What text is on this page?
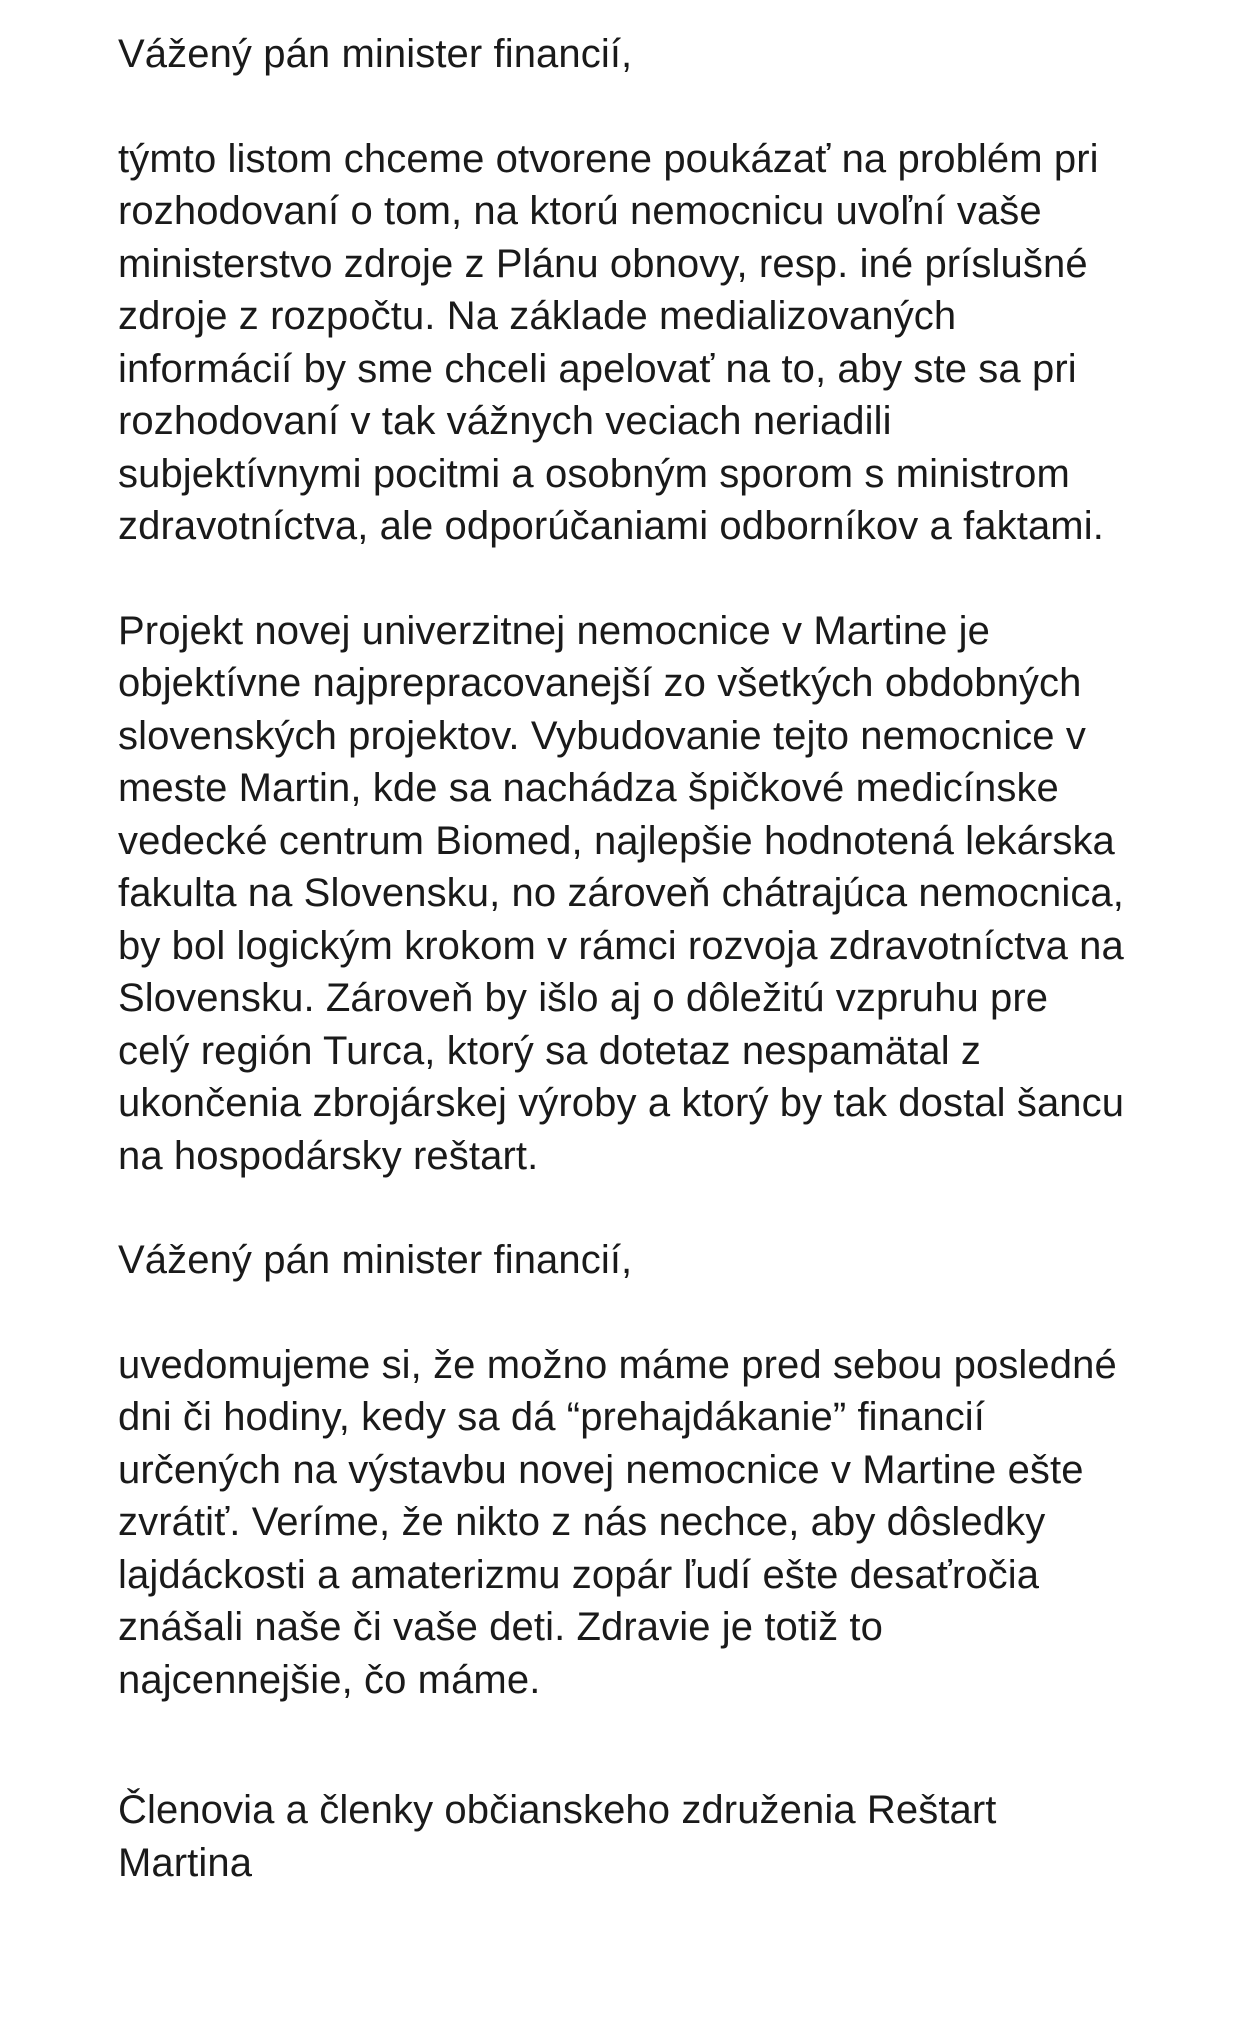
Vážený pán minister financií,

týmto listom chceme otvorene poukázať na problém pri rozhodovaní o tom, na ktorú nemocnicu uvoľní vaše ministerstvo zdroje z Plánu obnovy, resp. iné príslušné zdroje z rozpočtu. Na základe medializovaných informácií by sme chceli apelovať na to, aby ste sa pri rozhodovaní v tak vážnych veciach neriadili subjektívnymi pocitmi a osobným sporom s ministrom zdravotníctva, ale odporúčaniami odborníkov a faktami.

Projekt novej univerzitnej nemocnice v Martine je objektívne najprepracovanejší zo všetkých obdobných slovenských projektov. Vybudovanie tejto nemocnice v meste Martin, kde sa nachádza špičkové medicínske vedecké centrum Biomed, najlepšie hodnotená lekárska fakulta na Slovensku, no zároveň chátrajúca nemocnica, by bol logickým krokom v rámci rozvoja zdravotníctva na Slovensku. Zároveň by išlo aj o dôležitú vzpruhu pre celý región Turca, ktorý sa dotetaz nespamätal z ukončenia zbrojárskej výroby a ktorý by tak dostal šancu na hospodársky reštart.

Vážený pán minister financií,

uvedomujeme si, že možno máme pred sebou posledné dni či hodiny, kedy sa dá “prehajdákanie” financií určených na výstavbu novej nemocnice v Martine ešte zvrátiť. Veríme, že nikto z nás nechce, aby dôsledky lajdáckosti a amaterizmu zopár ľudí ešte desaťročia znášali naše či vaše deti. Zdravie je totiž to najcennejšie, čo máme.

Členovia a členky občianskeho združenia Reštart Martina
